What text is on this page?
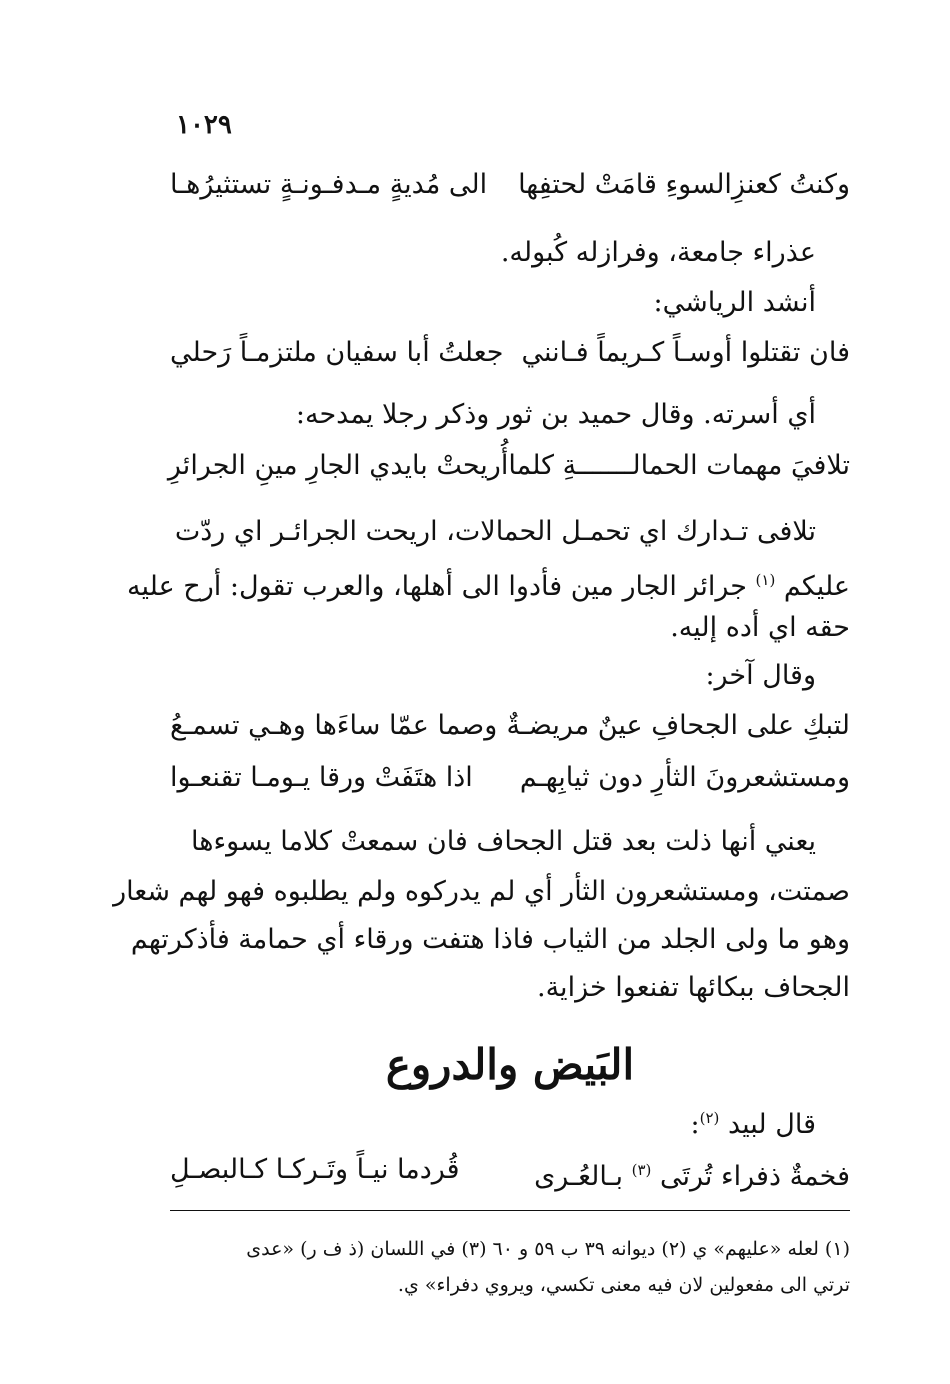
١٠٢٩
وكنتُ كعنزِالسوءِ قامَتْ لحتفِها
الى مُديةٍ مـدفـونـةٍ تستثيرُهـا
عذراء جامعة، وفرازله كُبوله.
أنشد الرياشي:
فان تقتلوا أوسـاً كـريماً فـانني
جعلتُ أبا سفيان ملتزمـاً رَحلي
أي أسرته. وقال حميد بن ثور وذكر رجلا يمدحه:
تلافيَ مهمات الحمالـــــــةِ كلما
أُريحتْ بايدي الجارِ مينِ الجرائرِ
تلافى تـدارك اي تحمـل الحمالات، اريحت الجرائـر اي ردّت
عليكم $^{(١)}$ جرائر الجار مين فأدوا الى أهلها، والعرب تقول: أرح عليه
حقه اي أده إليه.
وقال آخر:
لتبكِ على الجحافِ عينٌ مريضـةٌ
وصما عمّا ساءَها وهـي تسمـعُ
ومستشعرونَ الثأرِ دون ثيابِهـم
اذا هتَفَتْ ورقا يـومـا تقنعـوا
يعني أنها ذلت بعد قتل الجحاف فان سمعتْ كلاما يسوءها
صمتت، ومستشعرون الثأر أي لم يدركوه ولم يطلبوه فهو لهم شعار
وهو ما ولى الجلد من الثياب فاذا هتفت ورقاء أي حمامة فأذكرتهم
الجحاف ببكائها تفنعوا خزاية.
البَيض والدروع
قال لبيد $^{(٢)}$:
فخمةٌ ذفراء تُرتَى $^{(٣)}$ بـالعُـرى
قُردما نيـاً وتَـركـا كـالبصـلِ
(١) لعله «عليهم» ي (٢) ديوانه ٣٩ ب ٥٩ و ٦٠ (٣) في اللسان (ذ ف ر) «عدى
ترتي الى مفعولين لان فيه معنى تكسي، ويروي دفراء» ي.
